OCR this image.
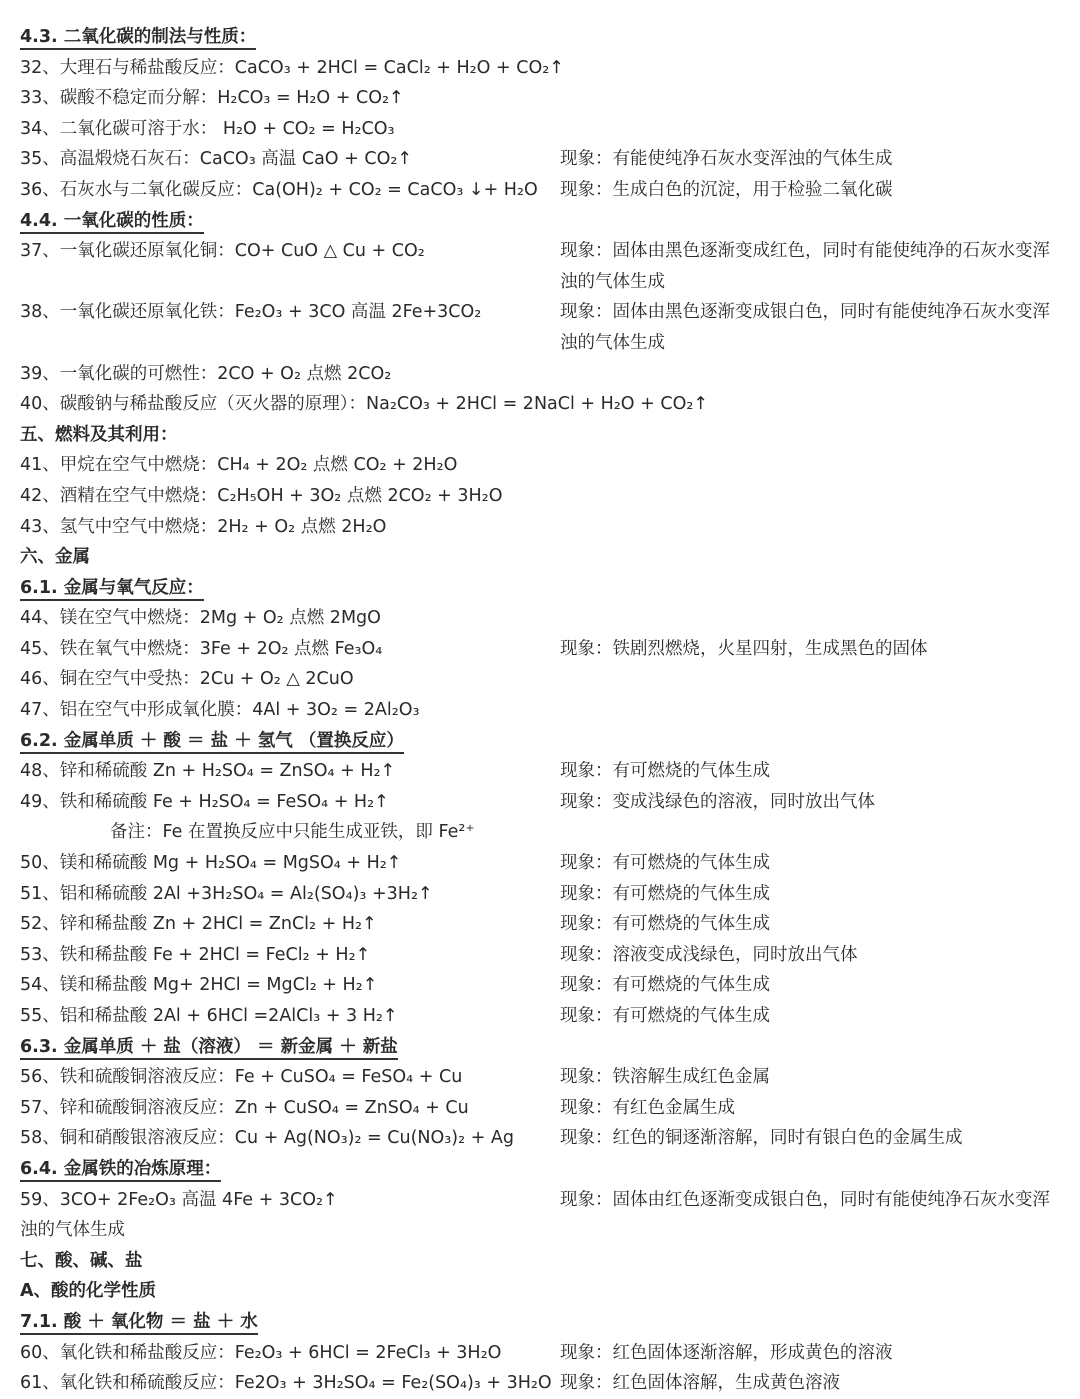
4.3. 二氧化碳的制法与性质：
32、大理石与稀盐酸反应：CaCO₃ + 2HCl = CaCl₂ + H₂O + CO₂↑
33、碳酸不稳定而分解：H₂CO₃ = H₂O + CO₂↑
34、二氧化碳可溶于水： H₂O + CO₂ = H₂CO₃
35、高温煅烧石灰石：CaCO₃ 高温 CaO + CO₂↑	现象：有能使纯净石灰水变浑浊的气体生成
36、石灰水与二氧化碳反应：Ca(OH)₂ + CO₂ = CaCO₃ ↓+ H₂O 现象：生成白色的沉淀，用于检验二氧化碳
4.4. 一氧化碳的性质：
37、一氧化碳还原氧化铜：CO+ CuO △ Cu + CO₂	现象：固体由黑色逐渐变成红色，同时有能使纯净的石灰水变浑浊的气体生成
38、一氧化碳还原氧化铁：Fe₂O₃ + 3CO 高温 2Fe+3CO₂	现象：固体由黑色逐渐变成银白色，同时有能使纯净石灰水变浑浊的气体生成
39、一氧化碳的可燃性：2CO + O₂ 点燃 2CO₂
40、碳酸钠与稀盐酸反应（灭火器的原理）：Na₂CO₃ + 2HCl = 2NaCl + H₂O + CO₂↑
五、燃料及其利用：
41、甲烷在空气中燃烧：CH₄ + 2O₂ 点燃 CO₂ + 2H₂O
42、酒精在空气中燃烧：C₂H₅OH + 3O₂ 点燃 2CO₂ + 3H₂O
43、氢气中空气中燃烧：2H₂ + O₂ 点燃 2H₂O
六、金属
6.1. 金属与氧气反应：
44、镁在空气中燃烧：2Mg + O₂ 点燃 2MgO
45、铁在氧气中燃烧：3Fe + 2O₂ 点燃 Fe₃O₄	现象：铁剧烈燃烧，火星四射，生成黑色的固体
46、铜在空气中受热：2Cu + O₂ △ 2CuO
47、铝在空气中形成氧化膜：4Al + 3O₂ = 2Al₂O₃
6.2. 金属单质 ＋ 酸 ＝ 盐 ＋ 氢气 （置换反应）
48、锌和稀硫酸 Zn + H₂SO₄ = ZnSO₄ + H₂↑	现象：有可燃烧的气体生成
49、铁和稀硫酸 Fe + H₂SO₄ = FeSO₄ + H₂↑	现象：变成浅绿色的溶液，同时放出气体
备注：Fe 在置换反应中只能生成亚铁，即 Fe²⁺
50、镁和稀硫酸 Mg + H₂SO₄ = MgSO₄ + H₂↑	现象：有可燃烧的气体生成
51、铝和稀硫酸 2Al +3H₂SO₄ = Al₂(SO₄)₃ +3H₂↑	现象：有可燃烧的气体生成
52、锌和稀盐酸 Zn + 2HCl = ZnCl₂ + H₂↑	现象：有可燃烧的气体生成
53、铁和稀盐酸 Fe + 2HCl = FeCl₂ + H₂↑	现象：溶液变成浅绿色，同时放出气体
54、镁和稀盐酸 Mg+ 2HCl = MgCl₂ + H₂↑	现象：有可燃烧的气体生成
55、铝和稀盐酸 2Al + 6HCl =2AlCl₃ + 3 H₂↑	现象：有可燃烧的气体生成
6.3. 金属单质 ＋ 盐（溶液） ＝ 新金属 ＋ 新盐
56、铁和硫酸铜溶液反应：Fe + CuSO₄ = FeSO₄ + Cu	现象：铁溶解生成红色金属
57、锌和硫酸铜溶液反应：Zn + CuSO₄ = ZnSO₄ + Cu	现象：有红色金属生成
58、铜和硝酸银溶液反应：Cu + Ag(NO₃)₂ = Cu(NO₃)₂ + Ag	现象：红色的铜逐渐溶解，同时有银白色的金属生成
6.4. 金属铁的冶炼原理：
59、3CO+ 2Fe₂O₃ 高温 4Fe + 3CO₂↑	现象：固体由红色逐渐变成银白色，同时有能使纯净石灰水变浑
浊的气体生成
七、酸、碱、盐
A、酸的化学性质
7.1. 酸 ＋ 氧化物 ＝ 盐 ＋ 水
60、氧化铁和稀盐酸反应：Fe₂O₃ + 6HCl = 2FeCl₃ + 3H₂O	现象：红色固体逐渐溶解，形成黄色的溶液
61、氧化铁和稀硫酸反应：Fe2O₃ + 3H₂SO₄ = Fe₂(SO₄)₃ + 3H₂O 现象：红色固体溶解，生成黄色溶液
